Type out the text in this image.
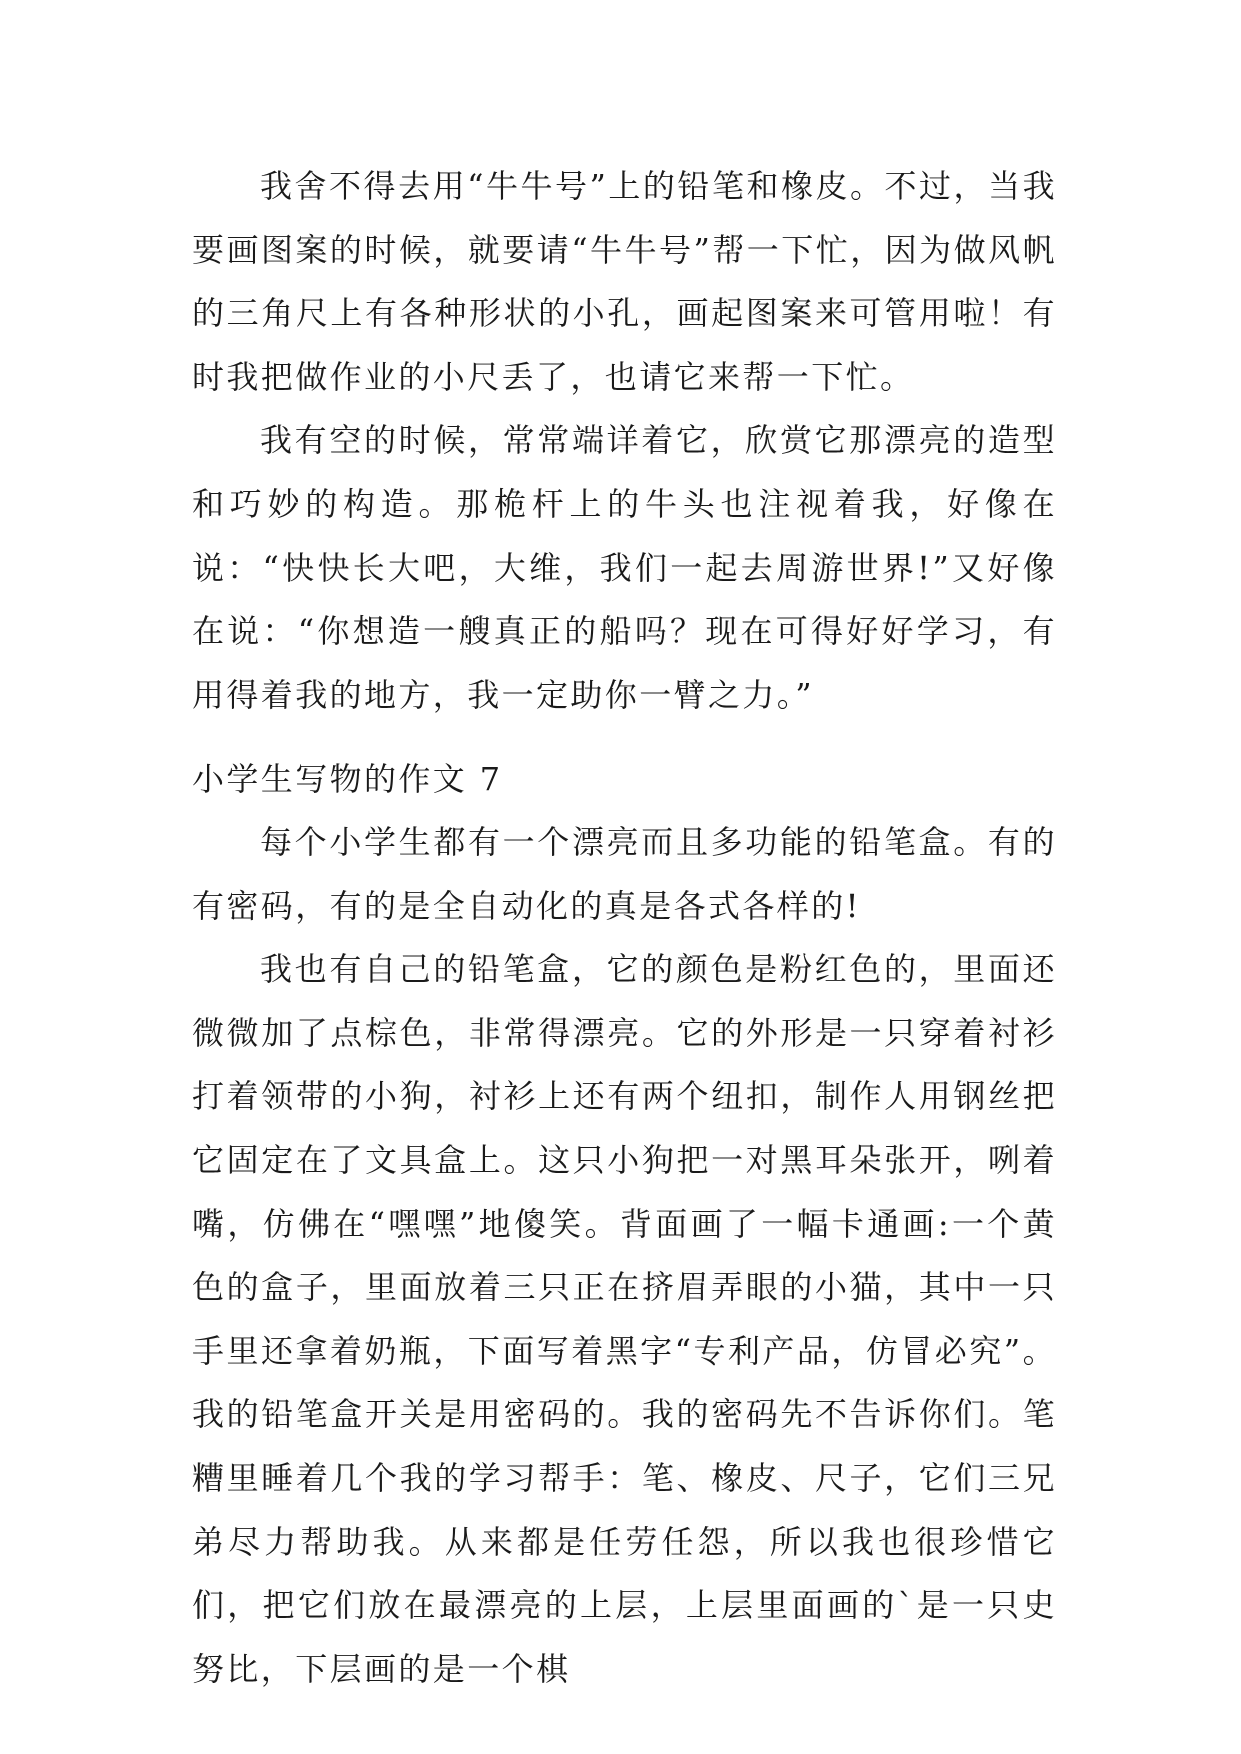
我舍不得去用“牛牛号”上的铅笔和橡皮。不过，当我要画图案的时候，就要请“牛牛号”帮一下忙，因为做风帆的三角尺上有各种形状的小孔，画起图案来可管用啦！有时我把做作业的小尺丢了，也请它来帮一下忙。

我有空的时候，常常端详着它，欣赏它那漂亮的造型和巧妙的构造。那桅杆上的牛头也注视着我，好像在说：“快快长大吧，大维，我们一起去周游世界!”又好像在说：“你想造一艘真正的船吗？现在可得好好学习，有用得着我的地方，我一定助你一臂之力。”

小学生写物的作文 7

每个小学生都有一个漂亮而且多功能的铅笔盒。有的有密码，有的是全自动化的真是各式各样的!

我也有自己的铅笔盒，它的颜色是粉红色的，里面还微微加了点棕色，非常得漂亮。它的外形是一只穿着衬衫打着领带的小狗，衬衫上还有两个纽扣，制作人用钢丝把它固定在了文具盒上。这只小狗把一对黑耳朵张开，咧着嘴，仿佛在“嘿嘿”地傻笑。背面画了一幅卡通画:一个黄色的盒子，里面放着三只正在挤眉弄眼的小猫，其中一只手里还拿着奶瓶，下面写着黑字“专利产品，仿冒必究”。我的铅笔盒开关是用密码的。我的密码先不告诉你们。笔糟里睡着几个我的学习帮手：笔、橡皮、尺子，它们三兄弟尽力帮助我。从来都是任劳任怨，所以我也很珍惜它们，把它们放在最漂亮的上层，上层里面画的`是一只史努比，下层画的是一个棋
